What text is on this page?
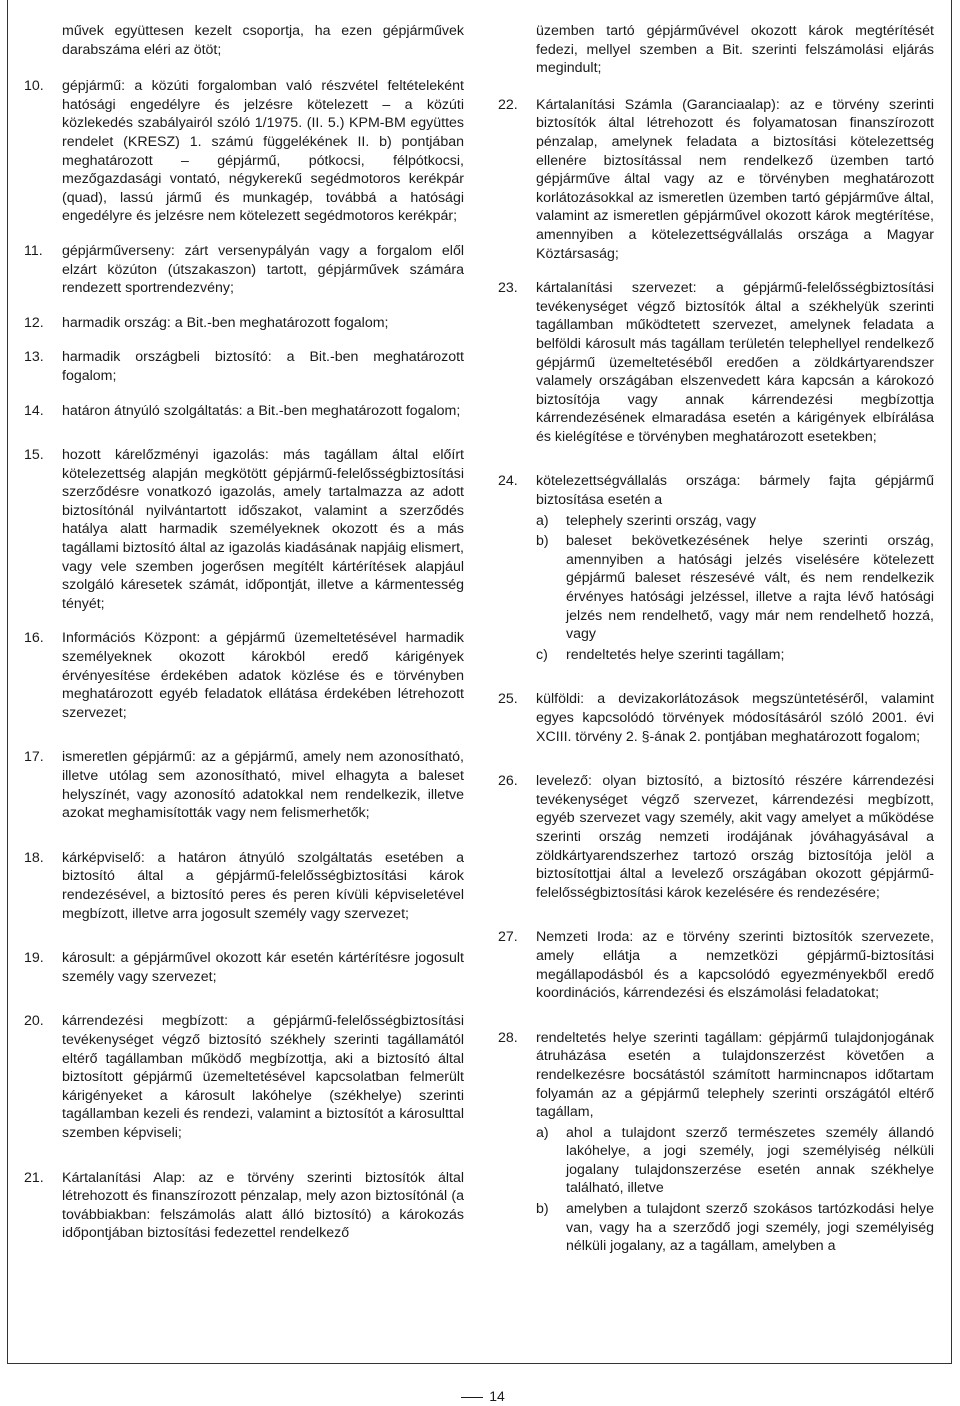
művek együttesen kezelt csoportja, ha ezen gépjárművek darabszáma eléri az ötöt;

10. gépjármű: a közúti forgalomban való részvétel feltételeként hatósági engedélyre és jelzésre kötelezett – a közúti közlekedés szabályairól szóló 1/1975. (II. 5.) KPM-BM együttes rendelet (KRESZ) 1. számú függelékének II. b) pontjában meghatározott – gépjármű, pótkocsi, félpótkocsi, mezőgazdasági vontató, négykerekű segédmotoros kerékpár (quad), lassú jármű és munkagép, továbbá a hatósági engedélyre és jelzésre nem kötelezett segédmotoros kerékpár;
11. gépjárműverseny: zárt versenypályán vagy a forgalom elől elzárt közúton (útszakaszon) tartott, gépjárművek számára rendezett sportrendezvény;
12. harmadik ország: a Bit.-ben meghatározott fogalom;
13. harmadik országbeli biztosító: a Bit.-ben meghatározott fogalom;
14. határon átnyúló szolgáltatás: a Bit.-ben meghatározott fogalom;
15. hozott kárelőzményi igazolás: más tagállam által előírt kötelezettség alapján megkötött gépjármű-felelősségbiztosítási szerződésre vonatkozó igazolás, amely tartalmazza az adott biztosítónál nyilvántartott időszakot, valamint a szerződés hatálya alatt harmadik személyeknek okozott és a más tagállami biztosító által az igazolás kiadásának napjáig elismert, vagy vele szemben jogerősen megítélt kártérítések alapjául szolgáló káresetek számát, időpontját, illetve a kármentesség tényét;
16. Információs Központ: a gépjármű üzemeltetésével harmadik személyeknek okozott károkból eredő kárigények érvényesítése érdekében adatok közlése és e törvényben meghatározott egyéb feladatok ellátása érdekében létrehozott szervezet;
17. ismeretlen gépjármű: az a gépjármű, amely nem azonosítható, illetve utólag sem azonosítható, mivel elhagyta a baleset helyszínét, vagy azonosító adatokkal nem rendelkezik, illetve azokat meghamisították vagy nem felismerhetők;
18. kárképviselő: a határon átnyúló szolgáltatás esetében a biztosító által a gépjármű-felelősségbiztosítási károk rendezésével, a biztosító peres és peren kívüli képviseletével megbízott, illetve arra jogosult személy vagy szervezet;
19. károsult: a gépjárművel okozott kár esetén kártérítésre jogosult személy vagy szervezet;
20. kárrendezési megbízott: a gépjármű-felelősségbiztosítási tevékenységet végző biztosító székhely szerinti tagállamától eltérő tagállamban működő megbízottja, aki a biztosító által biztosított gépjármű üzemeltetésével kapcsolatban felmerült kárigényeket a károsult lakóhelye (székhelye) szerinti tagállamban kezeli és rendezi, valamint a biztosítót a károsulttal szemben képviseli;
21. Kártalanítási Alap: az e törvény szerinti biztosítók által létrehozott és finanszírozott pénzalap, mely azon biztosítónál (a továbbiakban: felszámolás alatt álló biztosító) a károkozás időpontjában biztosítási fedezettel rendelkező

üzemben tartó gépjárművével okozott károk megtérítését fedezi, mellyel szemben a Bit. szerinti felszámolási eljárás megindult;

22. Kártalanítási Számla (Garanciaalap): az e törvény szerinti biztosítók által létrehozott és folyamatosan finanszírozott pénzalap, amelynek feladata a biztosítási kötelezettség ellenére biztosítással nem rendelkező üzemben tartó gépjárműve által vagy az e törvényben meghatározott korlátozásokkal az ismeretlen üzemben tartó gépjárműve által, valamint az ismeretlen gépjárművel okozott károk megtérítése, amennyiben a kötelezettségvállalás országa a Magyar Köztársaság;
23. kártalanítási szervezet: a gépjármű-felelősségbiztosítási tevékenységet végző biztosítók által a székhelyük szerinti tagállamban működtetett szervezet, amelynek feladata a belföldi károsult más tagállam területén telephellyel rendelkező gépjármű üzemeltetéséből eredően a zöldkártyarendszer valamely országában elszenvedett kára kapcsán a károkozó biztosítója vagy annak kárrendezési megbízottja kárrendezésének elmaradása esetén a kárigények elbírálása és kielégítése e törvényben meghatározott esetekben;
24. kötelezettségvállalás országa: bármely fajta gépjármű biztosítása esetén a
a) telephely szerinti ország, vagy
b) baleset bekövetkezésének helye szerinti ország, amennyiben a hatósági jelzés viselésére kötelezett gépjármű baleset részesévé vált, és nem rendelkezik érvényes hatósági jelzéssel, illetve a rajta lévő hatósági jelzés nem rendelhető, vagy már nem rendelhető hozzá, vagy
c) rendeltetés helye szerinti tagállam;
25. külföldi: a devizakorlátozások megszüntetéséről, valamint egyes kapcsolódó törvények módosításáról szóló 2001. évi XCIII. törvény 2. §-ának 2. pontjában meghatározott fogalom;
26. levelező: olyan biztosító, a biztosító részére kárrendezési tevékenységet végző szervezet, kárrendezési megbízott, egyéb szervezet vagy személy, akit vagy amelyet a működése szerinti ország nemzeti irodájának jóváhagyásával a zöldkártyarendszerhez tartozó ország biztosítója jelöl a biztosítottjai által a levelező országában okozott gépjármű-felelősségbiztosítási károk kezelésére és rendezésére;
27. Nemzeti Iroda: az e törvény szerinti biztosítók szervezete, amely ellátja a nemzetközi gépjármű-biztosítási megállapodásból és a kapcsolódó egyezményekből eredő koordinációs, kárrendezési és elszámolási feladatokat;
28. rendeltetés helye szerinti tagállam: gépjármű tulajdonjogának átruházása esetén a tulajdonszerzést követően a rendelkezésre bocsátástól számított harmincnapos időtartam folyamán az a gépjármű telephely szerinti országától eltérő tagállam,
a) ahol a tulajdont szerző természetes személy állandó lakóhelye, a jogi személy, jogi személyiség nélküli jogalany tulajdonszerzése esetén annak székhelye található, illetve
b) amelyben a tulajdont szerző szokásos tartózkodási helye van, vagy ha a szerződő jogi személy, jogi személyiség nélküli jogalany, az a tagállam, amelyben a
14
